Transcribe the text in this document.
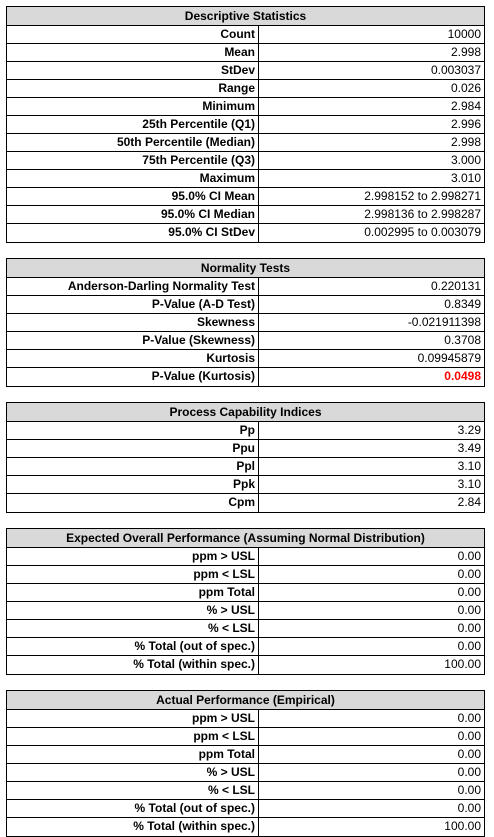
Descriptive Statistics
Count	10000
Mean	2.998
StDev	0.003037
Range	0.026
Minimum	2.984
25th Percentile (Q1)	2.996
50th Percentile (Median)	2.998
75th Percentile (Q3)	3.000
Maximum	3.010
95.0% CI Mean	2.998152 to 2.998271
95.0% CI Median	2.998136 to 2.998287
95.0% CI StDev	0.002995 to 0.003079
Normality Tests
Anderson-Darling Normality Test	0.220131
P-Value (A-D Test)	0.8349
Skewness	-0.021911398
P-Value (Skewness)	0.3708
Kurtosis	0.09945879
P-Value (Kurtosis)	0.0498
Process Capability Indices
Pp	3.29
Ppu	3.49
Ppl	3.10
Ppk	3.10
Cpm	2.84
Expected Overall Performance (Assuming Normal Distribution)
ppm > USL	0.00
ppm < LSL	0.00
ppm Total	0.00
% > USL	0.00
% < LSL	0.00
% Total (out of spec.)	0.00
% Total (within spec.)	100.00
Actual Performance (Empirical)
ppm > USL	0.00
ppm < LSL	0.00
ppm Total	0.00
% > USL	0.00
% < LSL	0.00
% Total (out of spec.)	0.00
% Total (within spec.)	100.00
